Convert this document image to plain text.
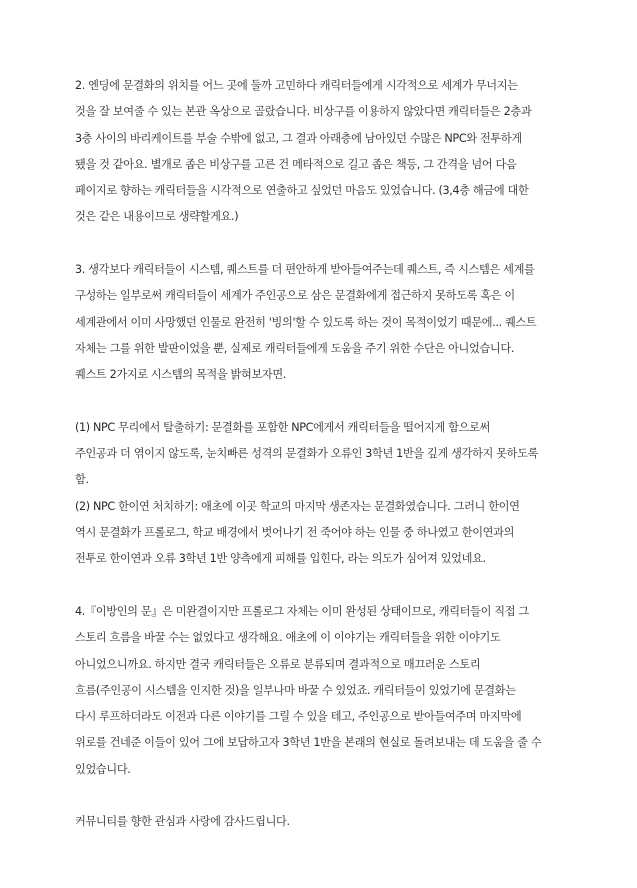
2. 엔딩에 문결화의 위치를 어느 곳에 둘까 고민하다 캐릭터들에게 시각적으로 세계가 무너지는
것을 잘 보여줄 수 있는 본관 옥상으로 골랐습니다. 비상구를 이용하지 않았다면 캐릭터들은 2층과
3층 사이의 바리케이트를 부술 수밖에 없고, 그 결과 아래층에 남아있던 수많은 NPC와 전투하게
됐을 것 같아요. 별개로 좁은 비상구를 고른 건 메타적으로 길고 좁은 책등, 그 간격을 넘어 다음
페이지로 향하는 캐릭터들을 시각적으로 연출하고 싶었던 마음도 있었습니다. (3,4층 해금에 대한
것은 같은 내용이므로 생략할게요.)
3. 생각보다 캐릭터들이 시스템, 퀘스트를 더 편안하게 받아들여주는데 퀘스트, 즉 시스템은 세계를
구성하는 일부로써 캐릭터들이 세계가 주인공으로 삼은 문결화에게 접근하지 못하도록 혹은 이
세계관에서 이미 사망했던 인물로 완전히 '빙의'할 수 있도록 하는 것이 목적이었기 때문에... 퀘스트
자체는 그를 위한 발판이었을 뿐, 실제로 캐릭터들에게 도움을 주기 위한 수단은 아니었습니다.
퀘스트 2가지로 시스템의 목적을 밝혀보자면.
(1) NPC 무리에서 탈출하기: 문결화를 포함한 NPC에게서 캐릭터들을 떨어지게 함으로써
주인공과 더 엮이지 않도록, 눈치빠른 성격의 문결화가 오류인 3학년 1반을 깊게 생각하지 못하도록
함.
(2) NPC 한이연 처치하기: 애초에 이곳 학교의 마지막 생존자는 문결화였습니다. 그러니 한이연
역시 문결화가 프롤로그, 학교 배경에서 벗어나기 전 죽어야 하는 인물 중 하나였고 한이연과의
전투로 한이연과 오류 3학년 1반 양측에게 피해를 입힌다, 라는 의도가 심어져 있었네요.
4.『이방인의 문』은 미완결이지만 프롤로그 자체는 이미 완성된 상태이므로, 캐릭터들이 직접 그
스토리 흐름을 바꿀 수는 없었다고 생각해요. 애초에 이 이야기는 캐릭터들을 위한 이야기도
아니었으니까요. 하지만 결국 캐릭터들은 오류로 분류되며 결과적으로 매끄러운 스토리
흐름(주인공이 시스템을 인지한 것)을 일부나마 바꿀 수 있었죠. 캐릭터들이 있었기에 문결화는
다시 루프하더라도 이전과 다른 이야기를 그릴 수 있을 테고, 주인공으로 받아들여주며 마지막에
위로를 건네준 이들이 있어 그에 보답하고자 3학년 1반을 본래의 현실로 돌려보내는 데 도움을 줄 수
있었습니다.
커뮤니티를 향한 관심과 사랑에 감사드립니다.
